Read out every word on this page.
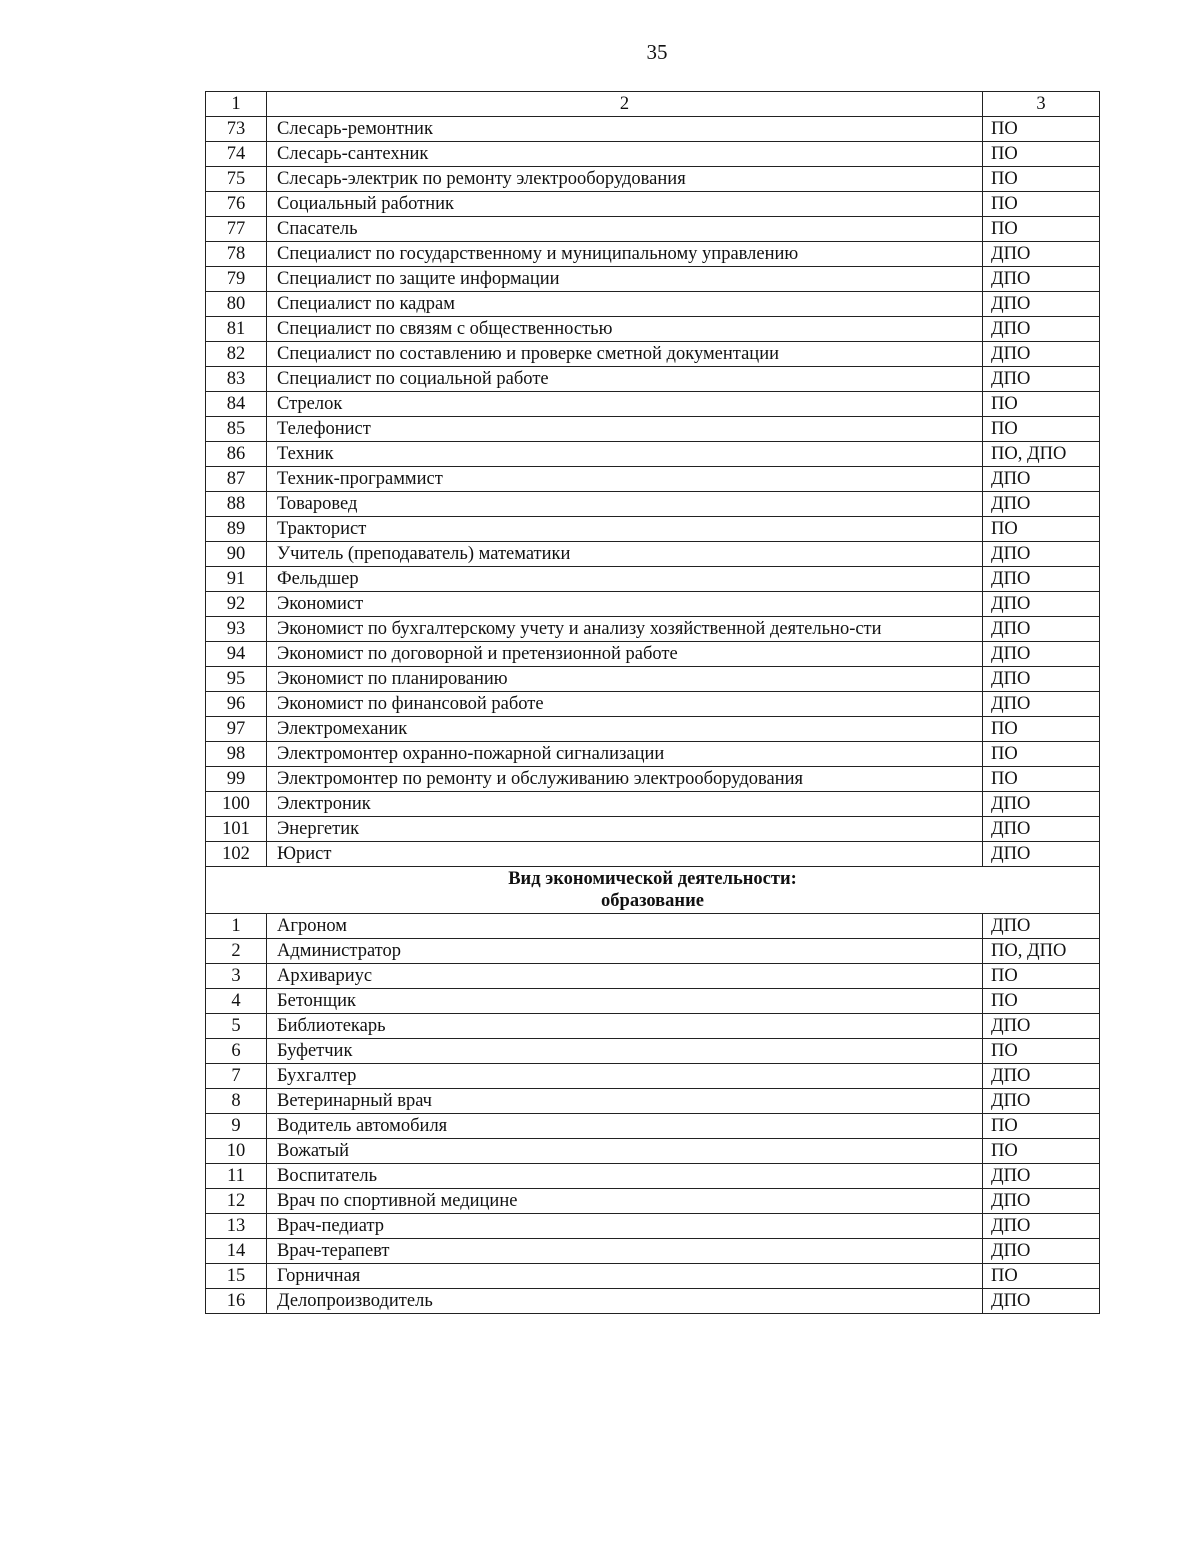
35
1	2	3
73	Слесарь-ремонтник	ПО
74	Слесарь-сантехник	ПО
75	Слесарь-электрик по ремонту электрооборудования	ПО
76	Социальный работник	ПО
77	Спасатель	ПО
78	Специалист по государственному и муниципальному управлению	ДПО
79	Специалист по защите информации	ДПО
80	Специалист по кадрам	ДПО
81	Специалист по связям с общественностью	ДПО
82	Специалист по составлению и проверке сметной документации	ДПО
83	Специалист по социальной работе	ДПО
84	Стрелок	ПО
85	Телефонист	ПО
86	Техник	ПО, ДПО
87	Техник-программист	ДПО
88	Товаровед	ДПО
89	Тракторист	ПО
90	Учитель (преподаватель) математики	ДПО
91	Фельдшер	ДПО
92	Экономист	ДПО
93	Экономист по бухгалтерскому учету и анализу хозяйственной деятельно-сти	ДПО
94	Экономист по договорной и претензионной работе	ДПО
95	Экономист по планированию	ДПО
96	Экономист по финансовой работе	ДПО
97	Электромеханик	ПО
98	Электромонтер охранно-пожарной сигнализации	ПО
99	Электромонтер по ремонту и обслуживанию электрооборудования	ПО
100	Электроник	ДПО
101	Энергетик	ДПО
102	Юрист	ДПО

Вид экономической деятельности:
образование		

1	Агроном	ДПО
2	Администратор	ПО, ДПО
3	Архивариус	ПО
4	Бетонщик	ПО
5	Библиотекарь	ДПО
6	Буфетчик	ПО
7	Бухгалтер	ДПО
8	Ветеринарный врач	ДПО
9	Водитель автомобиля	ПО
10	Вожатый	ПО
11	Воспитатель	ДПО
12	Врач по спортивной медицине	ДПО
13	Врач-педиатр	ДПО
14	Врач-терапевт	ДПО
15	Горничная	ПО
16	Делопроизводитель	ДПО
